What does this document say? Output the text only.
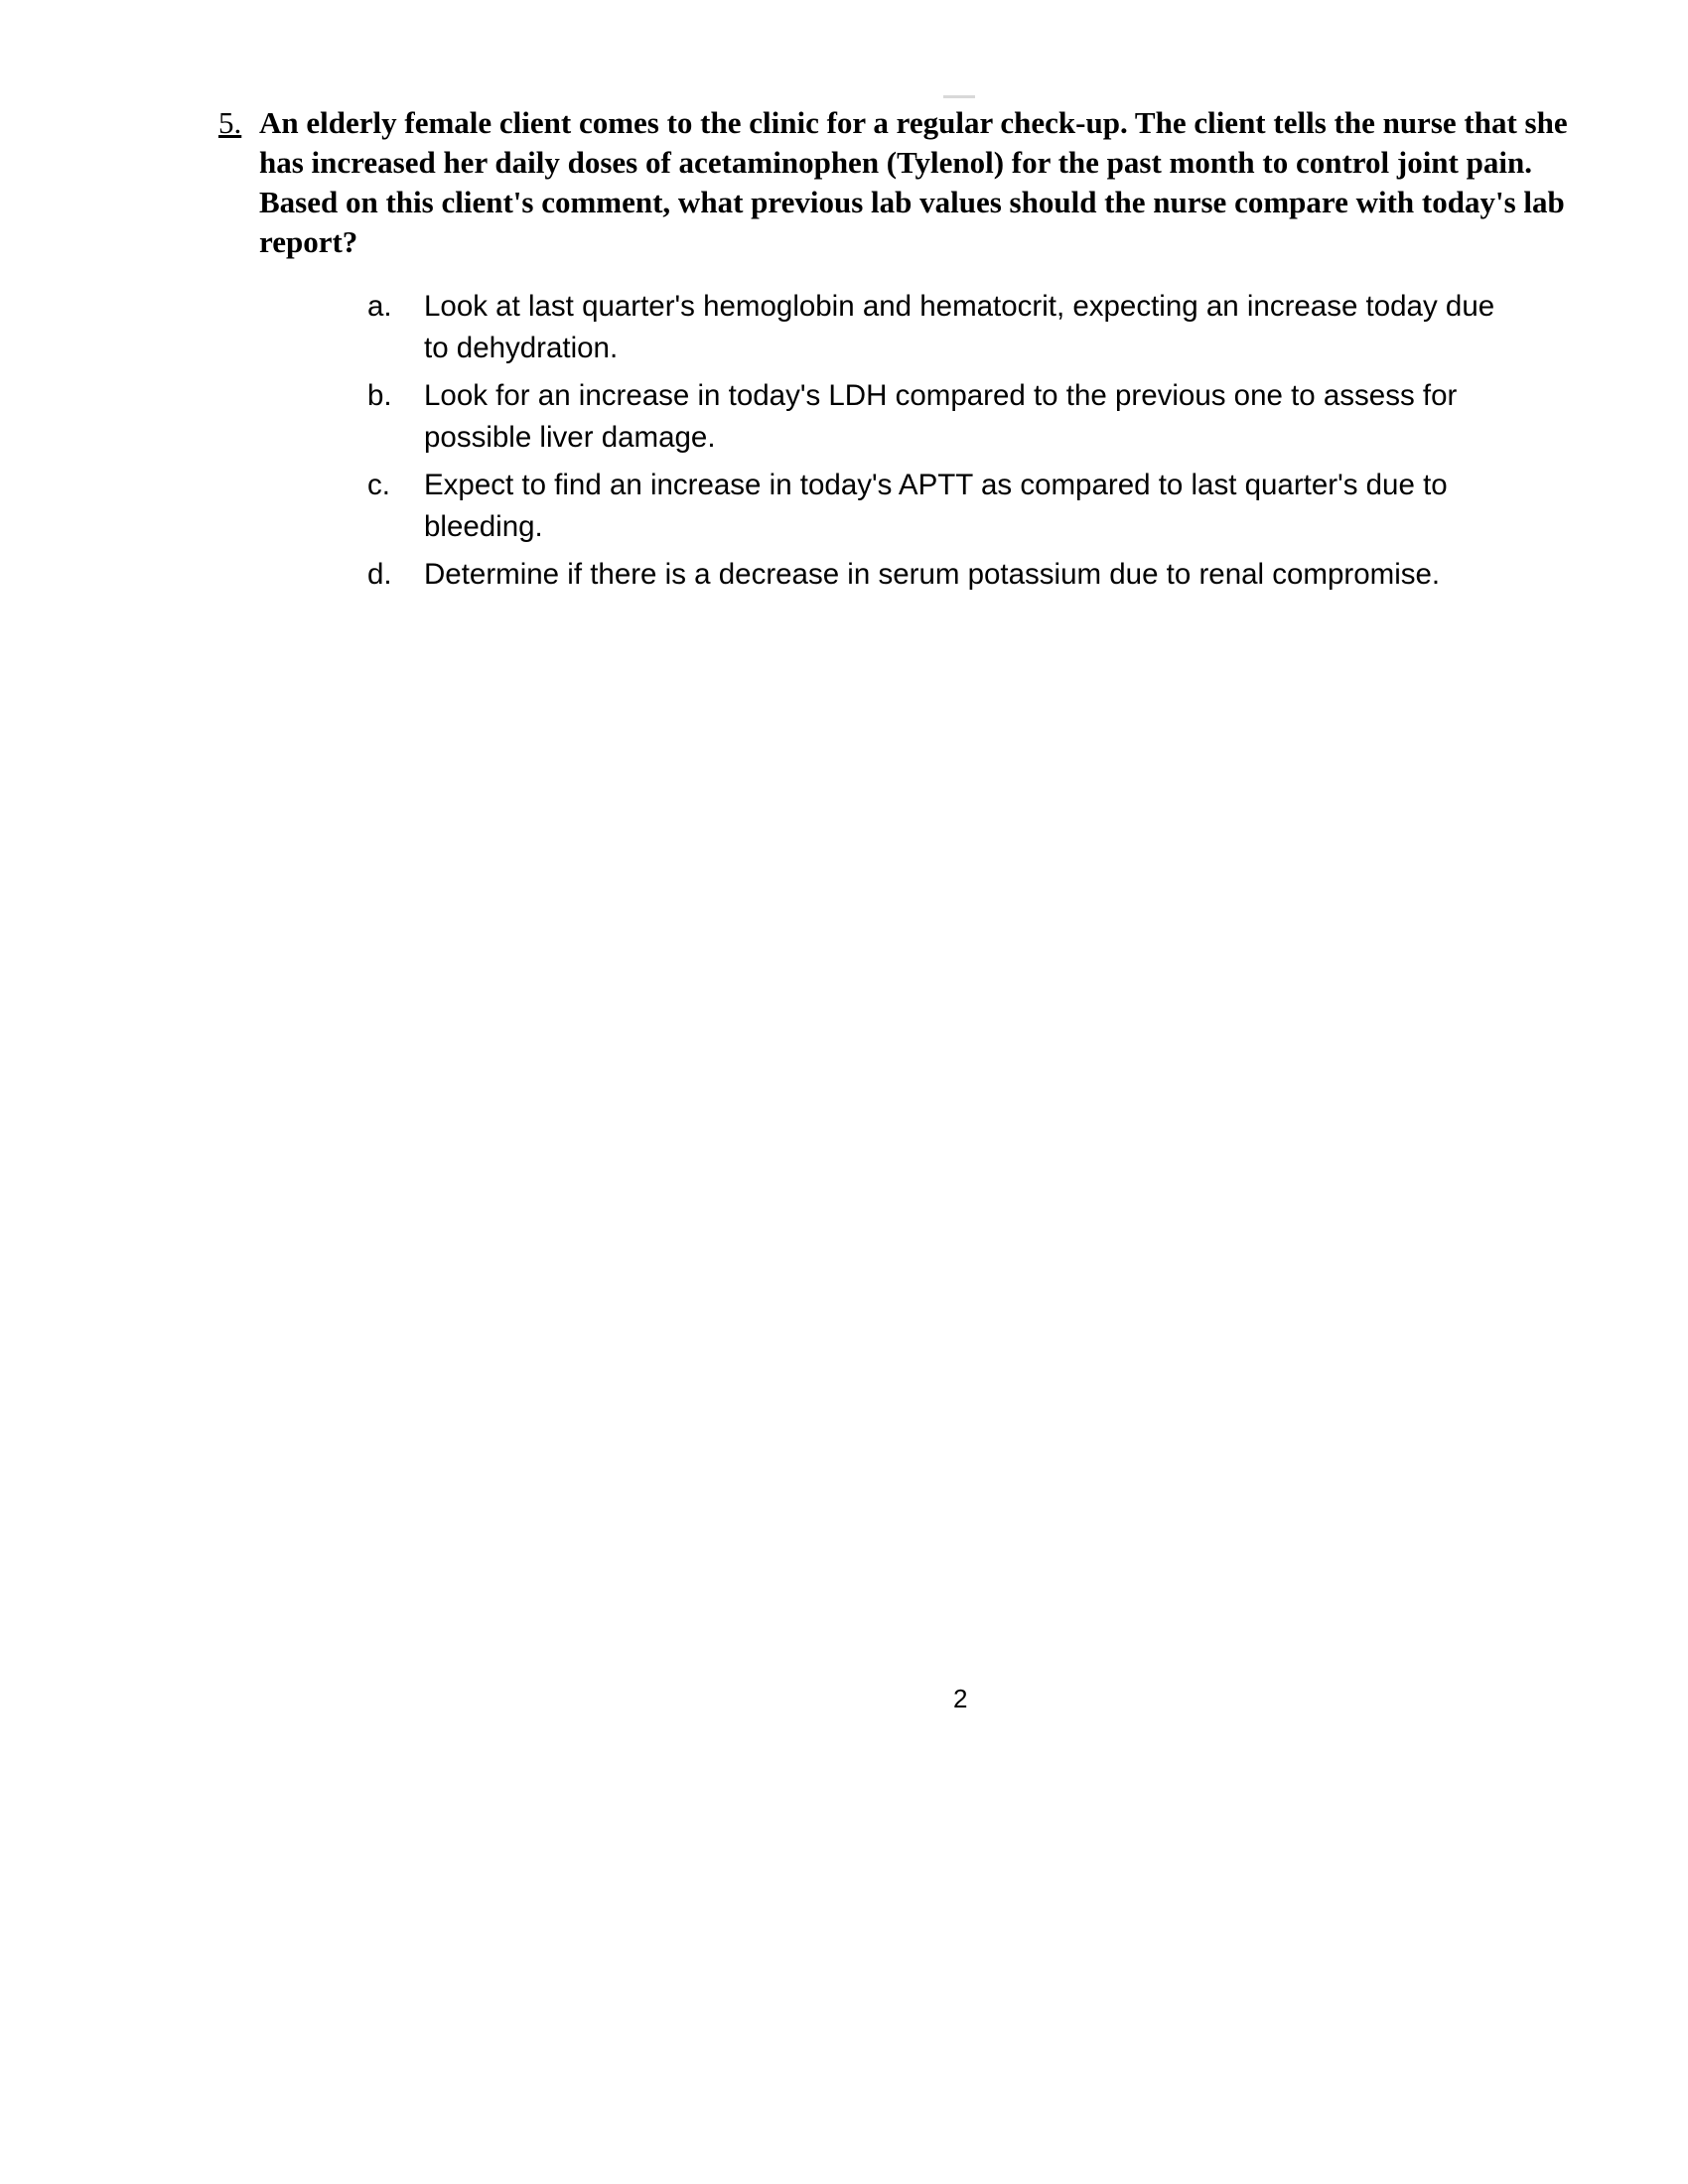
5. An elderly female client comes to the clinic for a regular check-up. The client tells the nurse that she
has increased her daily doses of acetaminophen (Tylenol) for the past month to control joint pain.
Based on this client's comment, what previous lab values should the nurse compare with today's lab
report?
a. Look at last quarter's hemoglobin and hematocrit, expecting an increase today due
to dehydration.
b. Look for an increase in today's LDH compared to the previous one to assess for
possible liver damage.
c. Expect to find an increase in today's APTT as compared to last quarter's due to
bleeding.
d. Determine if there is a decrease in serum potassium due to renal compromise.
2
